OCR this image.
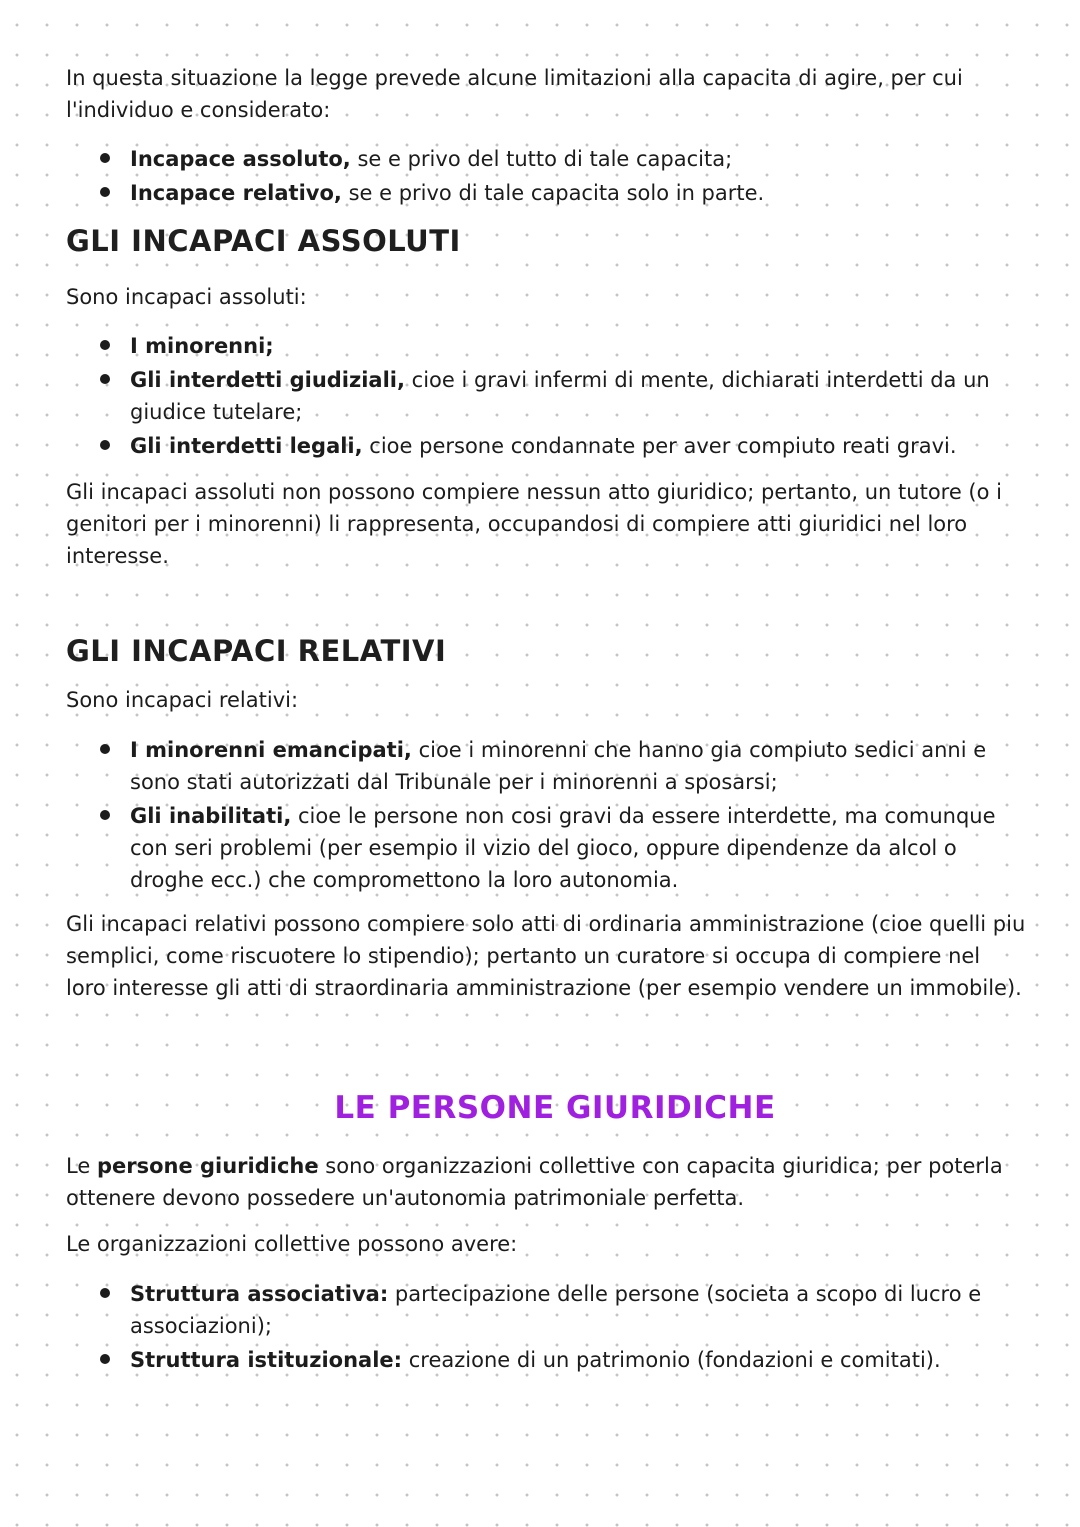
In questa situazione la legge prevede alcune limitazioni alla capacita di agire, per cui l'individuo e considerato:

Incapace assoluto, se e privo del tutto di tale capacita;
Incapace relativo, se e privo di tale capacita solo in parte.
GLI INCAPACI ASSOLUTI

Sono incapaci assoluti:

I minorenni;
Gli interdetti giudiziali, cioe i gravi infermi di mente, dichiarati interdetti da un giudice tutelare;
Gli interdetti legali, cioe persone condannate per aver compiuto reati gravi.

Gli incapaci assoluti non possono compiere nessun atto giuridico; pertanto, un tutore (o i genitori per i minorenni) li rappresenta, occupandosi di compiere atti giuridici nel loro interesse.

GLI INCAPACI RELATIVI

Sono incapaci relativi:

I minorenni emancipati, cioe i minorenni che hanno gia compiuto sedici anni e sono stati autorizzati dal Tribunale per i minorenni a sposarsi;
Gli inabilitati, cioe le persone non cosi gravi da essere interdette, ma comunque con seri problemi (per esempio il vizio del gioco, oppure dipendenze da alcol o droghe ecc.) che compromettono la loro autonomia.

Gli incapaci relativi possono compiere solo atti di ordinaria amministrazione (cioe quelli piu semplici, come riscuotere lo stipendio); pertanto un curatore si occupa di compiere nel loro interesse gli atti di straordinaria amministrazione (per esempio vendere un immobile).

LE PERSONE GIURIDICHE

Le persone giuridiche sono organizzazioni collettive con capacita giuridica; per poterla ottenere devono possedere un'autonomia patrimoniale perfetta.

Le organizzazioni collettive possono avere:

Struttura associativa: partecipazione delle persone (societa a scopo di lucro e associazioni);
Struttura istituzionale: creazione di un patrimonio (fondazioni e comitati).
